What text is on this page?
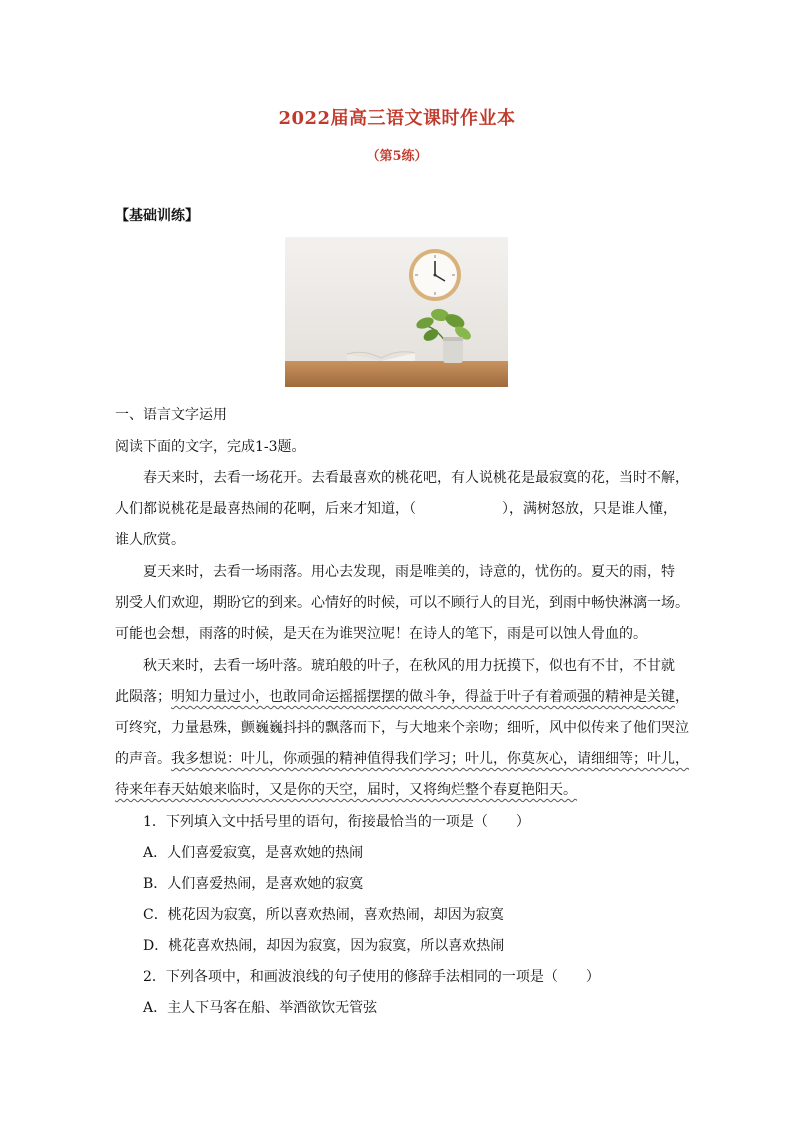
2022届高三语文课时作业本
（第5练）
【基础训练】
一、语言文字运用
阅读下面的文字，完成1-3题。
春天来时，去看一场花开。去看最喜欢的桃花吧，有人说桃花是最寂寞的花，当时不解，
人们都说桃花是最喜热闹的花啊，后来才知道，（	），满树怒放，只是谁人懂，
谁人欣赏。
夏天来时，去看一场雨落。用心去发现，雨是唯美的，诗意的，忧伤的。夏天的雨，特
别受人们欢迎，期盼它的到来。心情好的时候，可以不顾行人的目光，到雨中畅快淋漓一场。
可能也会想，雨落的时候，是天在为谁哭泣呢！在诗人的笔下，雨是可以蚀人骨血的。
秋天来时，去看一场叶落。琥珀般的叶子，在秋风的用力抚摸下，似也有不甘，不甘就
此陨落；明知力量过小，也敢同命运摇摇摆摆的做斗争，得益于叶子有着顽强的精神是关键，
可终究，力量悬殊，颤巍巍抖抖的飘落而下，与大地来个亲吻；细听，风中似传来了他们哭泣
的声音。我多想说：叶儿，你顽强的精神值得我们学习；叶儿，你莫灰心，请细细等；叶儿，
待来年春天姑娘来临时，又是你的天空，届时，又将绚烂整个春夏艳阳天。
1．下列填入文中括号里的语句，衔接最恰当的一项是（　　）
A．人们喜爱寂寞，是喜欢她的热闹
B．人们喜爱热闹，是喜欢她的寂寞
C．桃花因为寂寞，所以喜欢热闹，喜欢热闹，却因为寂寞
D．桃花喜欢热闹，却因为寂寞，因为寂寞，所以喜欢热闹
2．下列各项中，和画波浪线的句子使用的修辞手法相同的一项是（　　）
A．主人下马客在船、举酒欲饮无管弦
